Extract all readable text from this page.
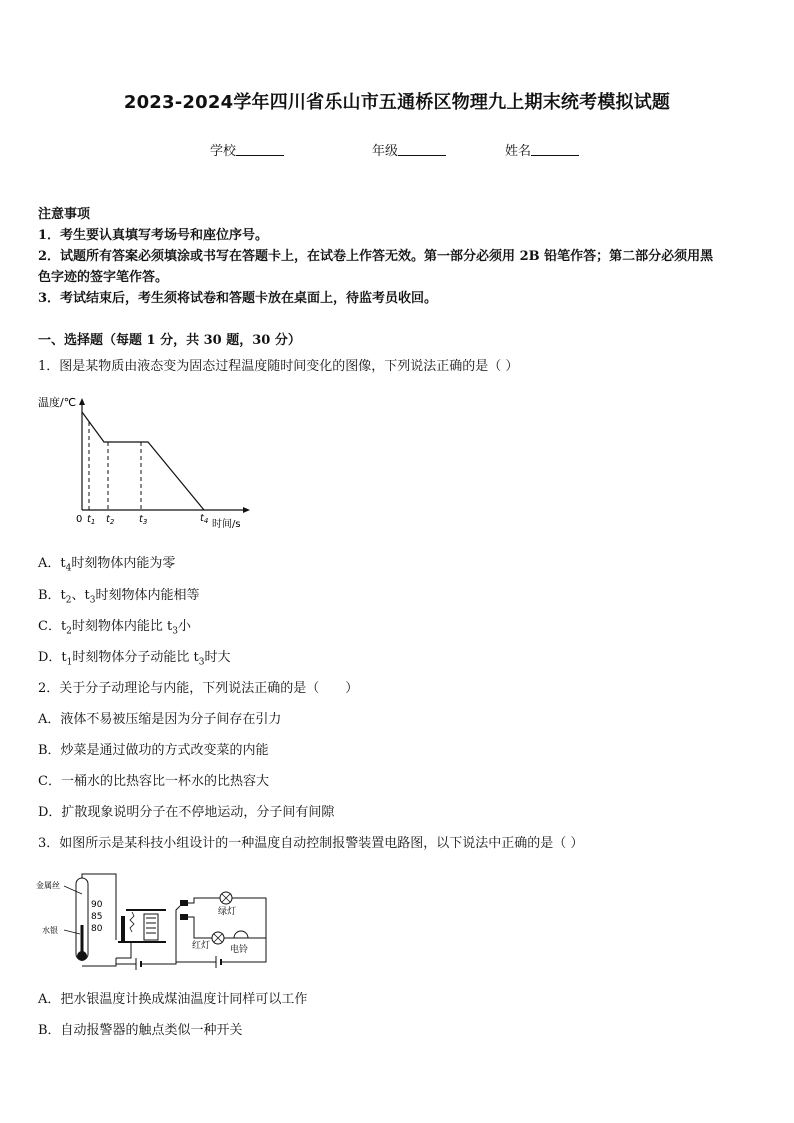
2023-2024学年四川省乐山市五通桥区物理九上期末统考模拟试题
学校	年级	姓名
注意事项
1．考生要认真填写考场号和座位序号。
2．试题所有答案必须填涂或书写在答题卡上，在试卷上作答无效。第一部分必须用 2B 铅笔作答；第二部分必须用黑
色字迹的签字笔作答。
3．考试结束后，考生须将试卷和答题卡放在桌面上，待监考员收回。
一、选择题（每题 1 分，共 30 题，30 分）
1．图是某物质由液态变为固态过程温度随时间变化的图像，下列说法正确的是（ ）
温度/℃
0 $t_1$ $t_2$ $t_3$	$t_4$ 时间/s
A．$t_4$时刻物体内能为零
B．$t_2$、$t_3$时刻物体内能相等
C．$t_2$时刻物体内能比 $t_3$小
D．$t_1$时刻物体分子动能比 $t_3$时大
2．关于分子动理论与内能，下列说法正确的是（　　）
A．液体不易被压缩是因为分子间存在引力
B．炒菜是通过做功的方式改变菜的内能
C．一桶水的比热容比一杯水的比热容大
D．扩散现象说明分子在不停地运动，分子间有间隙
3．如图所示是某科技小组设计的一种温度自动控制报警装置电路图，以下说法中正确的是（ ）
金属丝
水银
90
85
80
绿灯
红灯 电铃
A．把水银温度计换成煤油温度计同样可以工作
B．自动报警器的触点类似一种开关
